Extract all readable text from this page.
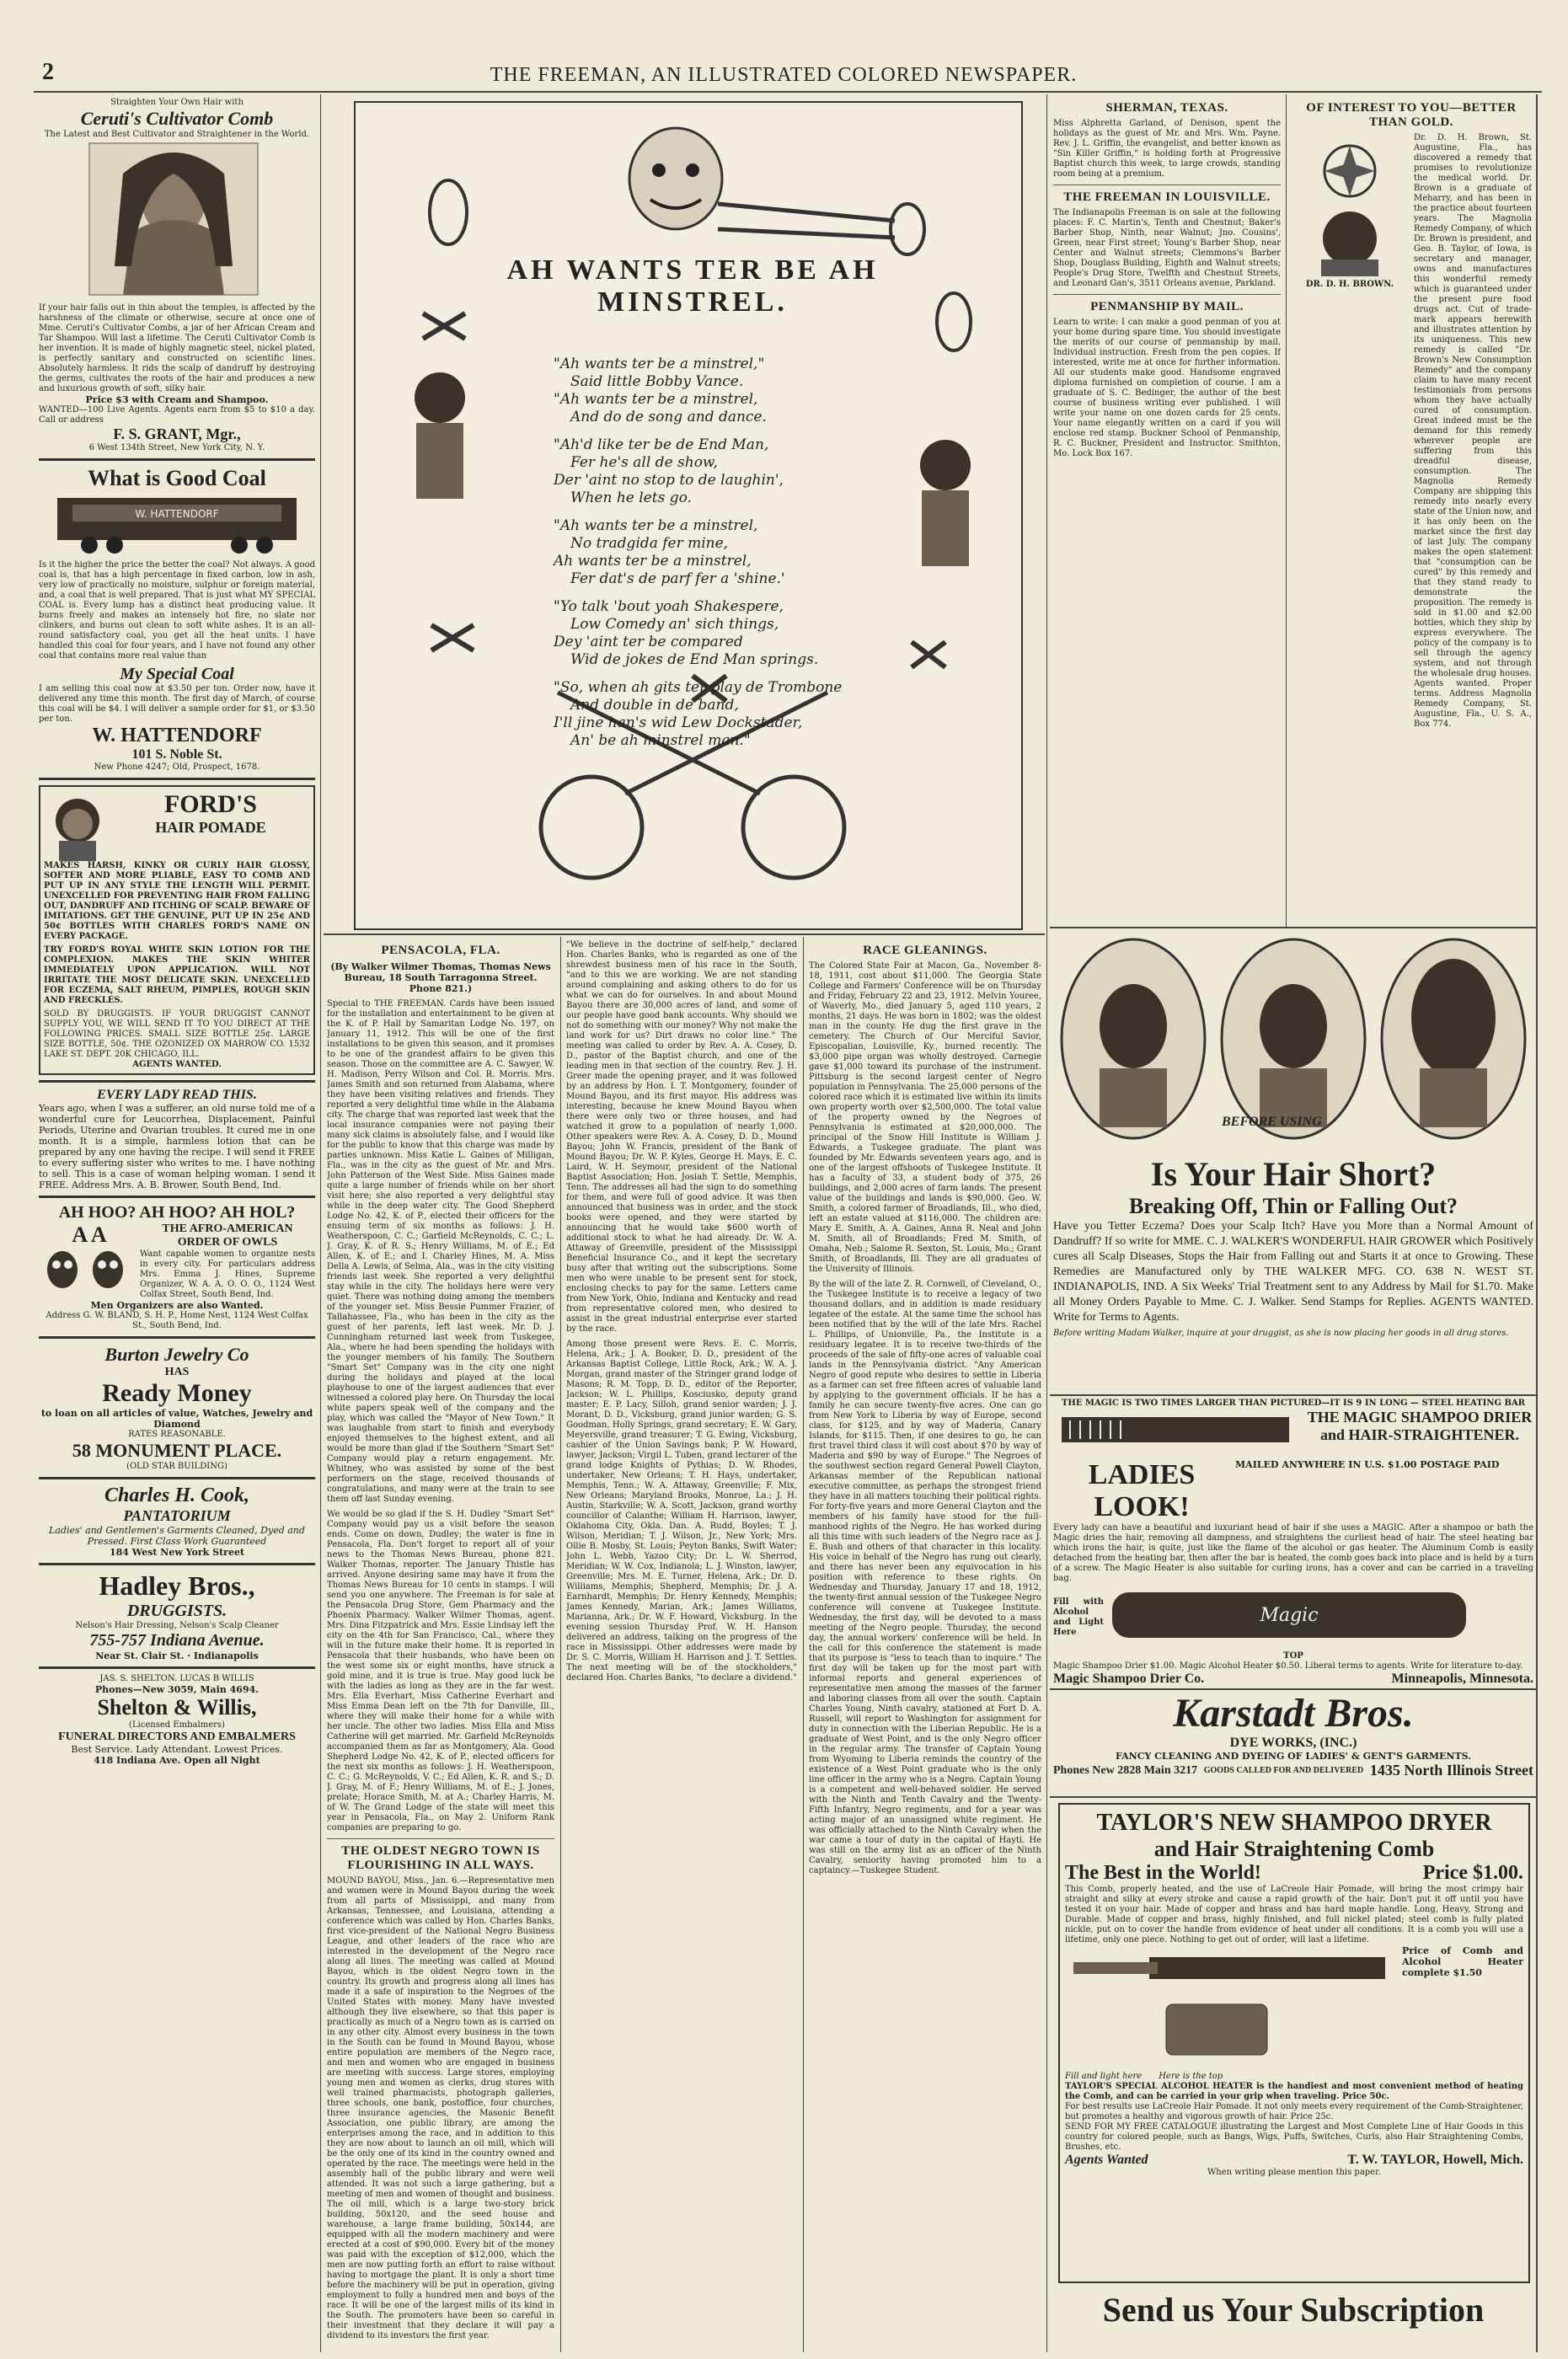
2	THE FREEMAN, AN ILLUSTRATED COLORED NEWSPAPER.
Straighten Your Own Hair with
Ceruti's Cultivator Comb
The Latest and Best Cultivator and Straightener in the World.
If your hair falls out in thin about the temples, is affected by the harshness of the climate or otherwise, secure at once one of Mme. Ceruti's Cultivator Combs, a jar of her African Cream and Tar Shampoo. Will last a lifetime. The Ceruti Cultivator Comb is her invention. It is made of highly magnetic steel, nickel plated, is perfectly sanitary and constructed on scientific lines. Absolutely harmless. It rids the scalp of dandruff by destroying the germs, cultivates the roots of the hair and produces a new and luxurious growth of soft, silky hair.
Price $3 with Cream and Shampoo.
WANTED—100 Live Agents. Agents earn from $5 to $10 a day. Call or address
F. S. GRANT, Mgr.,
6 West 134th Street, New York City, N. Y.
What is Good Coal
W. HATTENDORF
Is it the higher the price the better the coal? Not always. A good coal is, that has a high percentage in fixed carbon, low in ash, very low of practically no moisture, sulphur or foreign material, and, a coal that is well prepared. That is just what MY SPECIAL COAL is. Every lump has a distinct heat producing value. It burns freely and makes an intensely hot fire, no slate nor clinkers, and burns out clean to soft white ashes. It is an all-round satisfactory coal, you get all the heat units. I have handled this coal for four years, and I have not found any other coal that contains more real value than
My Special Coal
I am selling this coal now at $3.50 per ton. Order now, have it delivered any time this month. The first day of March, of course this coal will be $4. I will deliver a sample order for $1, or $3.50 per ton.
W. HATTENDORF
101 S. Noble St.
New Phone 4247; Old, Prospect, 1678.
FORD'S
HAIR POMADE
MAKES HARSH, KINKY OR CURLY HAIR GLOSSY, SOFTER AND MORE PLIABLE, EASY TO COMB AND PUT UP IN ANY STYLE THE LENGTH WILL PERMIT. UNEXCELLED FOR PREVENTING HAIR FROM FALLING OUT, DANDRUFF AND ITCHING OF SCALP. BEWARE OF IMITATIONS. GET THE GENUINE, PUT UP IN 25¢ AND 50¢ BOTTLES WITH CHARLES FORD'S NAME ON EVERY PACKAGE.
TRY FORD'S ROYAL WHITE SKIN LOTION FOR THE COMPLEXION. MAKES THE SKIN WHITER IMMEDIATELY UPON APPLICATION. WILL NOT IRRITATE THE MOST DELICATE SKIN. UNEXCELLED FOR ECZEMA, SALT RHEUM, PIMPLES, ROUGH SKIN AND FRECKLES.
SOLD BY DRUGGISTS. IF YOUR DRUGGIST CANNOT SUPPLY YOU, WE WILL SEND IT TO YOU DIRECT AT THE FOLLOWING PRICES. SMALL SIZE BOTTLE 25¢. LARGE SIZE BOTTLE, 50¢. THE OZONIZED OX MARROW CO. 1532 LAKE ST. DEPT. 20K CHICAGO, ILL.
AGENTS WANTED.
EVERY LADY READ THIS.
Years ago, when I was a sufferer, an old nurse told me of a wonderful cure for Leucorrhea, Displacement, Painful Periods, Uterine and Ovarian troubles. It cured me in one month. It is a simple, harmless lotion that can be prepared by any one having the recipe. I will send it FREE to every suffering sister who writes to me. I have nothing to sell. This is a case of woman helping woman. I send it FREE. Address Mrs. A. B. Brower, South Bend, Ind.
AH HOO? AH HOO? AH HOL?
A A	THE AFRO-AMERICAN ORDER OF OWLS
Want capable women to organize nests in every city. For particulars address Mrs. Emma J. Hines, Supreme Organizer, W. A. A. O. O. O., 1124 West Colfax Street, South Bend, Ind.
Men Organizers are also Wanted.
Address G. W. BLAND, S. H. P., Home Nest, 1124 West Colfax St., South Bend, Ind.
Burton Jewelry Co
HAS
Ready Money
to loan on all articles of value, Watches, Jewelry and Diamond
RATES REASONABLE.
58 MONUMENT PLACE.
(OLD STAR BUILDING)
Charles H. Cook,
PANTATORIUM
Ladies' and Gentlemen's Garments Cleaned, Dyed and Pressed. First Class Work Guaranteed
184 West New York Street
Hadley Bros.,
DRUGGISTS.
Nelson's Hair Dressing, Nelson's Scalp Cleaner
755-757 Indiana Avenue.
Near St. Clair St. · Indianapolis
JAS. S. SHELTON. LUCAS B WILLIS
Phones—New 3059, Main 4694.
Shelton & Willis,
(Licensed Embalmers)
FUNERAL DIRECTORS AND EMBALMERS
Best Service. Lady Attendant. Lowest Prices.
418 Indiana Ave. Open all Night
AH WANTS TER BE AH MINSTREL.
"Ah wants ter be a minstrel,"
Said little Bobby Vance.
"Ah wants ter be a minstrel,
And do de song and dance.
"Ah'd like ter be de End Man,
Fer he's all de show,
Der 'aint no stop to de laughin',
When he lets go.
"Ah wants ter be a minstrel,
No tradgida fer mine,
Ah wants ter be a minstrel,
Fer dat's de parf fer a 'shine.'
"Yo talk 'bout yoah Shakespere,
Low Comedy an' sich things,
Dey 'aint ter be compared
Wid de jokes de End Man springs.
"So, when ah gits ter play de Trombone
And double in de band,
I'll jine han's wid Lew Dockstader,
An' be ah minstrel man."
PENSACOLA, FLA.

(By Walker Wilmer Thomas, Thomas News Bureau, 18 South Tarragonna Street. Phone 821.)

Special to THE FREEMAN. Cards have been issued for the installation and entertainment to be given at the K. of P. Hall by Samaritan Lodge No. 197, on January 11, 1912. This will be one of the first installations to be given this season, and it promises to be one of the grandest affairs to be given this season. Those on the committee are A. C. Sawyer, W. H. Madison, Perry Wilson and Col. R. Morris. Mrs. James Smith and son returned from Alabama, where they have been visiting relatives and friends. They reported a very delightful time while in the Alabama city. The charge that was reported last week that the local insurance companies were not paying their many sick claims is absolutely false, and I would like for the public to know that this charge was made by parties unknown. Miss Katie L. Gaines of Milligan, Fla., was in the city as the guest of Mr. and Mrs. John Patterson of the West Side. Miss Gaines made quite a large number of friends while on her short visit here; she also reported a very delightful stay while in the deep water city. The Good Shepherd Lodge No. 42, K. of P., elected their officers for the ensuing term of six months as follows: J. H. Weatherspoon, C. C.; Garfield McReynolds, C. C.; L. J. Gray, K. of R. S.; Henry Williams, M. of E.; Ed Allen, K. of E.; and I. Charley Hines, M. A. Miss Della A. Lewis, of Selma, Ala., was in the city visiting friends last week. She reported a very delightful stay while in the city. The holidays here were very quiet. There was nothing doing among the members of the younger set. Miss Bessie Pummer Frazier, of Tallahassee, Fla., who has been in the city as the guest of her parents, left last week. Mr. D. J. Cunningham returned last week from Tuskegee, Ala., where he had been spending the holidays with the younger members of his family. The Southern "Smart Set" Company was in the city one night during the holidays and played at the local playhouse to one of the largest audiences that ever witnessed a colored play here. On Thursday the local white papers speak well of the company and the play, which was called the "Mayor of New Town." It was laughable from start to finish and everybody enjoyed themselves to the highest extent, and all would be more than glad if the Southern "Smart Set" Company would play a return engagement. Mr. Whitney, who was assisted by some of the best performers on the stage, received thousands of congratulations, and many were at the train to see them off last Sunday evening.

We would be so glad if the S. H. Dudley "Smart Set" Company would pay us a visit before the season ends. Come on down, Dudley; the water is fine in Pensacola, Fla. Don't forget to report all of your news to the Thomas News Bureau, phone 821. Walker Thomas, reporter. The January Thistle has arrived. Anyone desiring same may have it from the Thomas News Bureau for 10 cents in stamps. I will send you one anywhere. The Freeman is for sale at the Pensacola Drug Store, Gem Pharmacy and the Phoenix Pharmacy. Walker Wilmer Thomas, agent. Mrs. Dina Fitzpatrick and Mrs. Essie Lindsay left the city on the 4th for San Francisco, Cal., where they will in the future make their home. It is reported in Pensacola that their husbands, who have been on the west some six or eight months, have struck a gold mine, and it is true is true. May good luck be with the ladies as long as they are in the far west. Mrs. Ella Everhart, Miss Catherine Everhart and Miss Emma Dean left on the 7th for Danville, Ill., where they will make their home for a while with her uncle. The other two ladies. Miss Ella and Miss Catherine will get married. Mr. Garfield McReynolds accompanied them as far as Montgomery, Ala. Good Shepherd Lodge No. 42, K. of P., elected officers for the next six months as follows: J. H. Weatherspoon, C. C.; G. McReynolds, V. C.; Ed Allen, K. R. and S.; D. J. Gray, M. of F.; Henry Williams, M. of E.; J. Jones, prelate; Horace Smith, M. at A.; Charley Harris, M. of W. The Grand Lodge of the state will meet this year in Pensacola, Fla., on May 2. Uniform Rank companies are preparing to go.

THE OLDEST NEGRO TOWN IS FLOURISHING IN ALL WAYS.

MOUND BAYOU, Miss., Jan. 6.—Representative men and women were in Mound Bayou during the week from all parts of Mississippi, and many from Arkansas, Tennessee, and Louisiana, attending a conference which was called by Hon. Charles Banks, first vice-president of the National Negro Business League, and other leaders of the race who are interested in the development of the Negro race along all lines. The meeting was called at Mound Bayou, which is the oldest Negro town in the country. Its growth and progress along all lines has made it a safe of inspiration to the Negroes of the United States with money. Many have invested although they live elsewhere, so that this paper is practically as much of a Negro town as is carried on in any other city. Almost every business in the town in the South can be found in Mound Bayou, whose entire population are members of the Negro race, and men and women who are engaged in business are meeting with success. Large stores, employing young men and women as clerks, drug stores with well trained pharmacists, photograph galleries, three schools, one bank, postoffice, four churches, three insurance agencies, the Masonic Benefit Association, one public library, are among the enterprises among the race, and in addition to this they are now about to launch an oil mill, which will be the only one of its kind in the country owned and operated by the race. The meetings were held in the assembly hall of the public library and were well attended. It was not such a large gathering, but a meeting of men and women of thought and business. The oil mill, which is a large two-story brick building, 50x120, and the seed house and warehouse, a large frame building, 50x144, are equipped with all the modern machinery and were erected at a cost of $90,000. Every bit of the money was paid with the exception of $12,000, which the men are now putting forth an effort to raise without having to mortgage the plant. It is only a short time before the machinery will be put in operation, giving employment to fully a hundred men and boys of the race. It will be one of the largest mills of its kind in the South. The promoters have been so careful in their investment that they declare it will pay a dividend to its investors the first year.

"We believe in the doctrine of self-help," declared Hon. Charles Banks, who is regarded as one of the shrewdest business men of his race in the South, "and to this we are working. We are not standing around complaining and asking others to do for us what we can do for ourselves. In and about Mound Bayou there are 30,000 acres of land, and some of our people have good bank accounts. Why should we not do something with our money? Why not make the land work for us? Dirt draws no color line." The meeting was called to order by Rev. A. A. Cosey, D. D., pastor of the Baptist church, and one of the leading men in that section of the country. Rev. J. H. Greer made the opening prayer, and it was followed by an address by Hon. I. T. Montgomery, founder of Mound Bayou, and its first mayor. His address was interesting, because he knew Mound Bayou when there were only two or three houses, and had watched it grow to a population of nearly 1,000. Other speakers were Rev. A. A. Cosey, D. D., Mound Bayou; John W. Francis, president of the Bank of Mound Bayou; Dr. W. P. Kyles, George H. Mays, E. C. Laird, W. H. Seymour, president of the National Baptist Association; Hon. Josiah T. Settle, Memphis, Tenn. The addresses all had the sign to do something for them, and were full of good advice. It was then announced that business was in order, and the stock books were opened, and they were started by announcing that he would take $600 worth of additional stock to what he had already. Dr. W. A. Attaway of Greenville, president of the Mississippi Beneficial Insurance Co., and it kept the secretary busy after that writing out the subscriptions. Some men who were unable to be present sent for stock, enclosing checks to pay for the same. Letters came from New York, Ohio, Indiana and Kentucky and read from representative colored men, who desired to assist in the great industrial enterprise ever started by the race.

Among those present were Revs. E. C. Morris, Helena, Ark.; J. A. Booker, D. D., president of the Arkansas Baptist College, Little Rock, Ark.; W. A. J. Morgan, grand master of the Stringer grand lodge of Masons; R. M. Topp, D. D., editor of the Reporter, Jackson; W. L. Phillips, Kosciusko, deputy grand master; E. P. Lacy, Silloh, grand senior warden; J. J. Morant, D. D., Vicksburg, grand junior warden; G. S. Goodman, Holly Springs, grand secretary; E. W. Gary, Meyersville, grand treasurer; T. G. Ewing, Vicksburg, cashier of the Union Savings bank; P. W. Howard, lawyer, Jackson; Virgil L. Tuben, grand lecturer of the grand lodge Knights of Pythias; D. W. Rhodes, undertaker, New Orleans; T. H. Hays, undertaker, Memphis, Tenn.; W. A. Attaway, Greenville; F. Mix, New Orleans; Maryland Brooks, Monroe, La.; J. H. Austin, Starkville; W. A. Scott, Jackson, grand worthy councillor of Calanthe; William H. Harrison, lawyer, Oklahoma City, Okla. Dan. A. Rudd, Boyles; T. J. Wilson, Meridian; T. J. Wilson, Jr., New York; Mrs. Ollie B. Mosby, St. Louis; Peyton Banks, Swift Water; John L. Webb, Yazoo City; Dr. L. W. Sherrod, Meridian; W. W. Cox, Indianola; L. J. Winston, lawyer, Greenville; Mrs. M. E. Turner, Helena, Ark.; Dr. D. Williams, Memphis; Shepherd, Memphis; Dr. J. A. Earnhardt, Memphis; Dr. Henry Kennedy, Memphis; James Kennedy, Marian, Ark.; James Williams, Marianna, Ark.; Dr. W. F. Howard, Vicksburg. In the evening session Thursday Prof. W. H. Hanson delivered an address, talking on the progress of the race in Mississippi. Other addresses were made by Dr. S. C. Morris, William H. Harrison and J. T. Settles. The next meeting will be of the stockholders," declared Hon. Charles Banks, "to declare a dividend."

RACE GLEANINGS.

The Colored State Fair at Macon, Ga., November 8-18, 1911, cost about $11,000. The Georgia State College and Farmers' Conference will be on Thursday and Friday, February 22 and 23, 1912. Melvin Youree, of Waverly, Mo., died January 5, aged 110 years, 2 months, 21 days. He was born in 1802; was the oldest man in the county. He dug the first grave in the cemetery. The Church of Our Merciful Savior, Episcopalian, Louisville, Ky., burned recently. The $3,000 pipe organ was wholly destroyed. Carnegie gave $1,000 toward its purchase of the instrument. Pittsburg is the second largest center of Negro population in Pennsylvania. The 25,000 persons of the colored race which it is estimated live within its limits own property worth over $2,500,000. The total value of the property owned by the Negroes of Pennsylvania is estimated at $20,000,000. The principal of the Snow Hill Institute is William J. Edwards, a Tuskegee graduate. The plant was founded by Mr. Edwards seventeen years ago, and is one of the largest offshoots of Tuskegee Institute. It has a faculty of 33, a student body of 375, 26 buildings, and 2,000 acres of farm lands. The present value of the buildings and lands is $90,000. Geo. W. Smith, a colored farmer of Broadlands, Ill., who died, left an estate valued at $116,000. The children are: Mary E. Smith, A. A. Gaines, Anna R. Neal and John M. Smith, all of Broadlands; Fred M. Smith, of Omaha, Neb.; Salome R. Sexton, St. Louis, Mo.; Grant Smith, of Broadlands, Ill. They are all graduates of the University of Illinois.

By the will of the late Z. R. Cornwell, of Cleveland, O., the Tuskegee Institute is to receive a legacy of two thousand dollars, and in addition is made residuary legatee of the estate. At the same time the school has been notified that by the will of the late Mrs. Rachel L. Phillips, of Unionville, Pa., the Institute is a residuary legatee. It is to receive two-thirds of the proceeds of the sale of fifty-one acres of valuable coal lands in the Pennsylvania district. "Any American Negro of good repute who desires to settle in Liberia as a farmer can set free fifteen acres of valuable land by applying to the government officials. If he has a family he can secure twenty-five acres. One can go from New York to Liberia by way of Europe, second class, for $125, and by way of Maderia, Canary Islands, for $115. Then, if one desires to go, he can first travel third class it will cost about $70 by way of Maderia and $90 by way of Europe." The Negroes of the southwest section regard General Powell Clayton, Arkansas member of the Republican national executive committee, as perhaps the strongest friend they have in all matters touching their political rights. For forty-five years and more General Clayton and the members of his family have stood for the full-manhood rights of the Negro. He has worked during all this time with such leaders of the Negro race as J. E. Bush and others of that character in this locality. His voice in behalf of the Negro has rung out clearly, and there has never been any equivocation in his position with reference to these rights. On Wednesday and Thursday, January 17 and 18, 1912, the twenty-first annual session of the Tuskegee Negro conference will convene at Tuskegee Institute. Wednesday, the first day, will be devoted to a mass meeting of the Negro people. Thursday, the second day, the annual workers' conference will be held. In the call for this conference the statement is made that its purpose is "less to teach than to inquire." The first day will be taken up for the most part with informal reports and general experiences of representative men among the masses of the farmer and laboring classes from all over the south. Captain Charles Young, Ninth cavalry, stationed at Fort D. A. Russell, will report to Washington for assignment for duty in connection with the Liberian Republic. He is a graduate of West Point, and is the only Negro officer in the regular army. The transfer of Captain Young from Wyoming to Liberia reminds the country of the existence of a West Point graduate who is the only line officer in the army who is a Negro. Captain Young is a competent and well-behaved soldier. He served with the Ninth and Tenth Cavalry and the Twenty-Fifth Infantry, Negro regiments, and for a year was acting major of an unassigned white regiment. He was officially attached to the Ninth Cavalry when the war came a tour of duty in the capital of Hayti. He was still on the army list as an officer of the Ninth Cavalry, seniority having promoted him to a captaincy.—Tuskegee Student.

SHERMAN, TEXAS.

Miss Alphretta Garland, of Denison, spent the holidays as the guest of Mr. and Mrs. Wm. Payne. Rev. J. L. Griffin, the evangelist, and better known as "Sin Killer Griffin," is holding forth at Progressive Baptist church this week, to large crowds, standing room being at a premium.

THE FREEMAN IN LOUISVILLE.

The Indianapolis Freeman is on sale at the following places: F. C. Martin's, Tenth and Chestnut; Baker's Barber Shop, Ninth, near Walnut; Jno. Cousins', Green, near First street; Young's Barber Shop, near Center and Walnut streets; Clemmons's Barber Shop, Douglass Building, Eighth and Walnut streets; People's Drug Store, Twelfth and Chestnut Streets, and Leonard Gan's, 3511 Orleans avenue, Parkland.

PENMANSHIP BY MAIL.

Learn to write: I can make a good penman of you at your home during spare time. You should investigate the merits of our course of penmanship by mail. Individual instruction. Fresh from the pen copies. If interested, write me at once for further information. All our students make good. Handsome engraved diploma furnished on completion of course. I am a graduate of S. C. Bedinger, the author of the best course of business writing ever published. I will write your name on one dozen cards for 25 cents. Your name elegantly written on a card if you will enclose red stamp. Buckner School of Penmanship, R. C. Buckner, President and Instructor. Smithton, Mo. Lock Box 167.

OF INTEREST TO YOU—BETTER THAN GOLD.
DR. D. H. BROWN.
Dr. D. H. Brown, St. Augustine, Fla., has discovered a remedy that promises to revolutionize the medical world. Dr. Brown is a graduate of Meharry, and has been in the practice about fourteen years. The Magnolia Remedy Company, of which Dr. Brown is president, and Geo. B. Taylor, of Iowa, is secretary and manager, owns and manufactures this wonderful remedy which is guaranteed under the present pure food drugs act. Cut of trade-mark appears herewith and illustrates attention by its uniqueness. This new remedy is called "Dr. Brown's New Consumption Remedy" and the company claim to have many recent testimonials from persons whom they have actually cured of consumption. Great indeed must be the demand for this remedy wherever people are suffering from this dreadful disease, consumption. The Magnolia Remedy Company are shipping this remedy into nearly every state of the Union now, and it has only been on the market since the first day of last July. The company makes the open statement that "consumption can be cured" by this remedy and that they stand ready to demonstrate the proposition. The remedy is sold in $1.00 and $2.00 bottles, which they ship by express everywhere. The policy of the company is to sell through the agency system, and not through the wholesale drug houses. Agents wanted. Proper terms. Address Magnolia Remedy Company, St. Augustine, Fla., U. S. A., Box 774.
BEFORE USING
Is Your Hair Short?
Breaking Off, Thin or Falling Out?
Have you Tetter Eczema? Does your Scalp Itch? Have you More than a Normal Amount of Dandruff? If so write for MME. C. J. WALKER'S WONDERFUL HAIR GROWER which Positively cures all Scalp Diseases, Stops the Hair from Falling out and Starts it at once to Growing. These Remedies are Manufactured only by THE WALKER MFG. CO. 638 N. WEST ST. INDIANAPOLIS, IND. A Six Weeks' Trial Treatment sent to any Address by Mail for $1.70. Make all Money Orders Payable to Mme. C. J. Walker. Send Stamps for Replies. AGENTS WANTED. Write for Terms to Agents.
Before writing Madam Walker, inquire at your druggist, as she is now placing her goods in all drug stores.
THE MAGIC IS TWO TIMES LARGER THAN PICTURED—IT IS 9 IN LONG — STEEL HEATING BAR
THE MAGIC SHAMPOO DRIER and HAIR-STRAIGHTENER.
LADIES LOOK!
MAILED ANYWHERE IN U.S. $1.00 POSTAGE PAID
Every lady can have a beautiful and luxuriant head of hair if she uses a MAGIC. After a shampoo or bath the Magic dries the hair, removing all dampness, and straightens the curliest head of hair. The steel heating bar which irons the hair, is quite, just like the flame of the alcohol or gas heater. The Aluminum Comb is easily detached from the heating bar, then after the bar is heated, the comb goes back into place and is held by a turn of a screw. The Magic Heater is also suitable for curling irons, has a cover and can be carried in a traveling bag.
Fill with Alcohol and Light Here
Magic
TOP
Magic Shampoo Drier $1.00. Magic Alcohol Heater $0.50. Liberal terms to agents. Write for literature to-day.
Magic Shampoo Drier Co.	Minneapolis, Minnesota.
Karstadt Bros.
DYE WORKS, (INC.)
FANCY CLEANING AND DYEING OF LADIES' & GENT'S GARMENTS.
Phones New 2828 Main 3217 GOODS CALLED FOR AND DELIVERED 1435 North Illinois Street
TAYLOR'S NEW SHAMPOO DRYER
and Hair Straightening Comb
The Best in the World!	Price $1.00.
This Comb, properly heated, and the use of LaCreole Hair Pomade, will bring the most crimpy hair straight and silky at every stroke and cause a rapid growth of the hair. Don't put it off until you have tested it on your hair. Made of copper and brass and has hard maple handle. Long, Heavy, Strong and Durable. Made of copper and brass, highly finished, and full nickel plated; steel comb is fully plated nickle, put on to cover the handle from evidence of heat under all conditions. It is a comb you will use a lifetime, only one piece. Nothing to get out of order, will last a lifetime.
Price of Comb and Alcohol Heater complete $1.50
Fill and light here Here is the top
TAYLOR'S SPECIAL ALCOHOL HEATER is the handiest and most convenient method of heating the Comb, and can be carried in your grip when traveling. Price 50c.
For best results use LaCreole Hair Pomade. It not only meets every requirement of the Comb-Straightener, but promotes a healthy and vigorous growth of hair. Price 25c.
SEND FOR MY FREE CATALOGUE illustrating the Largest and Most Complete Line of Hair Goods in this country for colored people, such as Bangs, Wigs, Puffs, Switches, Curls, also Hair Straightening Combs, Brushes, etc.
Agents Wanted	T. W. TAYLOR, Howell, Mich.
When writing please mention this paper.
Send us Your Subscription
